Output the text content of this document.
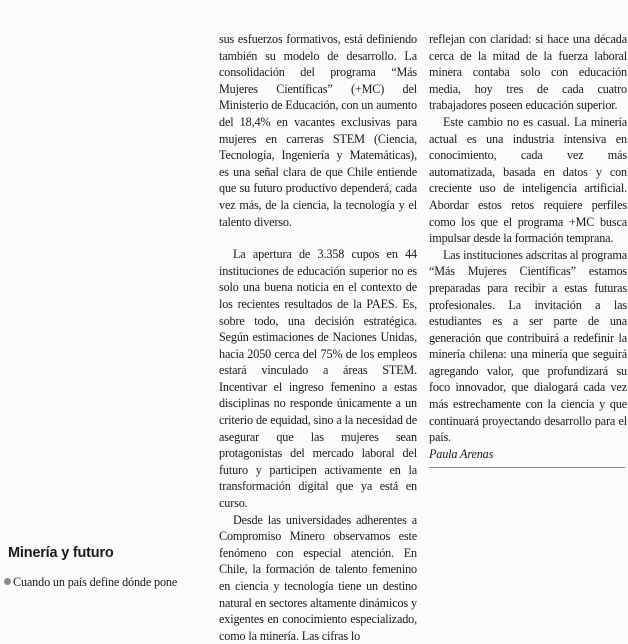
Minería y futuro

Cuando un país define dónde pone

sus esfuerzos formativos, está definiendo también su modelo de desarrollo. La consolidación del programa “Más Mujeres Científicas” (+MC) del Ministerio de Educación, con un aumento del 18,4% en vacantes exclusivas para mujeres en carreras STEM (Ciencia, Tecnología, Ingeniería y Matemáticas), es una señal clara de que Chile entiende que su futuro productivo dependerá, cada vez más, de la ciencia, la tecnología y el talento diverso.

La apertura de 3.358 cupos en 44 instituciones de educación superior no es solo una buena noticia en el contexto de los recientes resultados de la PAES. Es, sobre todo, una decisión estratégica. Según estimaciones de Naciones Unidas, hacia 2050 cerca del 75% de los empleos estará vinculado a áreas STEM. Incentivar el ingreso femenino a estas disciplinas no responde únicamente a un criterio de equidad, sino a la necesidad de asegurar que las mujeres sean protagonistas del mercado laboral del futuro y participen activamente en la transformación digital que ya está en curso.

Desde las universidades adherentes a Compromiso Minero observamos este fenómeno con especial atención. En Chile, la formación de talento femenino en ciencia y tecnología tiene un destino natural en sectores altamente dinámicos y exigentes en conocimiento especializado, como la minería. Las cifras lo

reflejan con claridad: si hace una década cerca de la mitad de la fuerza laboral minera contaba solo con educación media, hoy tres de cada cuatro trabajadores poseen educación superior.

Este cambio no es casual. La minería actual es una industria intensiva en conocimiento, cada vez más automatizada, basada en datos y con creciente uso de inteligencia artificial. Abordar estos retos requiere perfiles como los que el programa +MC busca impulsar desde la formación temprana.

Las instituciones adscritas al programa “Más Mujeres Científicas” estamos preparadas para recibir a estas futuras profesionales. La invitación a las estudiantes es a ser parte de una generación que contribuirá a redefinir la minería chilena: una minería que seguirá agregando valor, que profundizará su foco innovador, que dialogará cada vez más estrechamente con la ciencia y que continuará proyectando desarrollo para el país.

Paula Arenas
